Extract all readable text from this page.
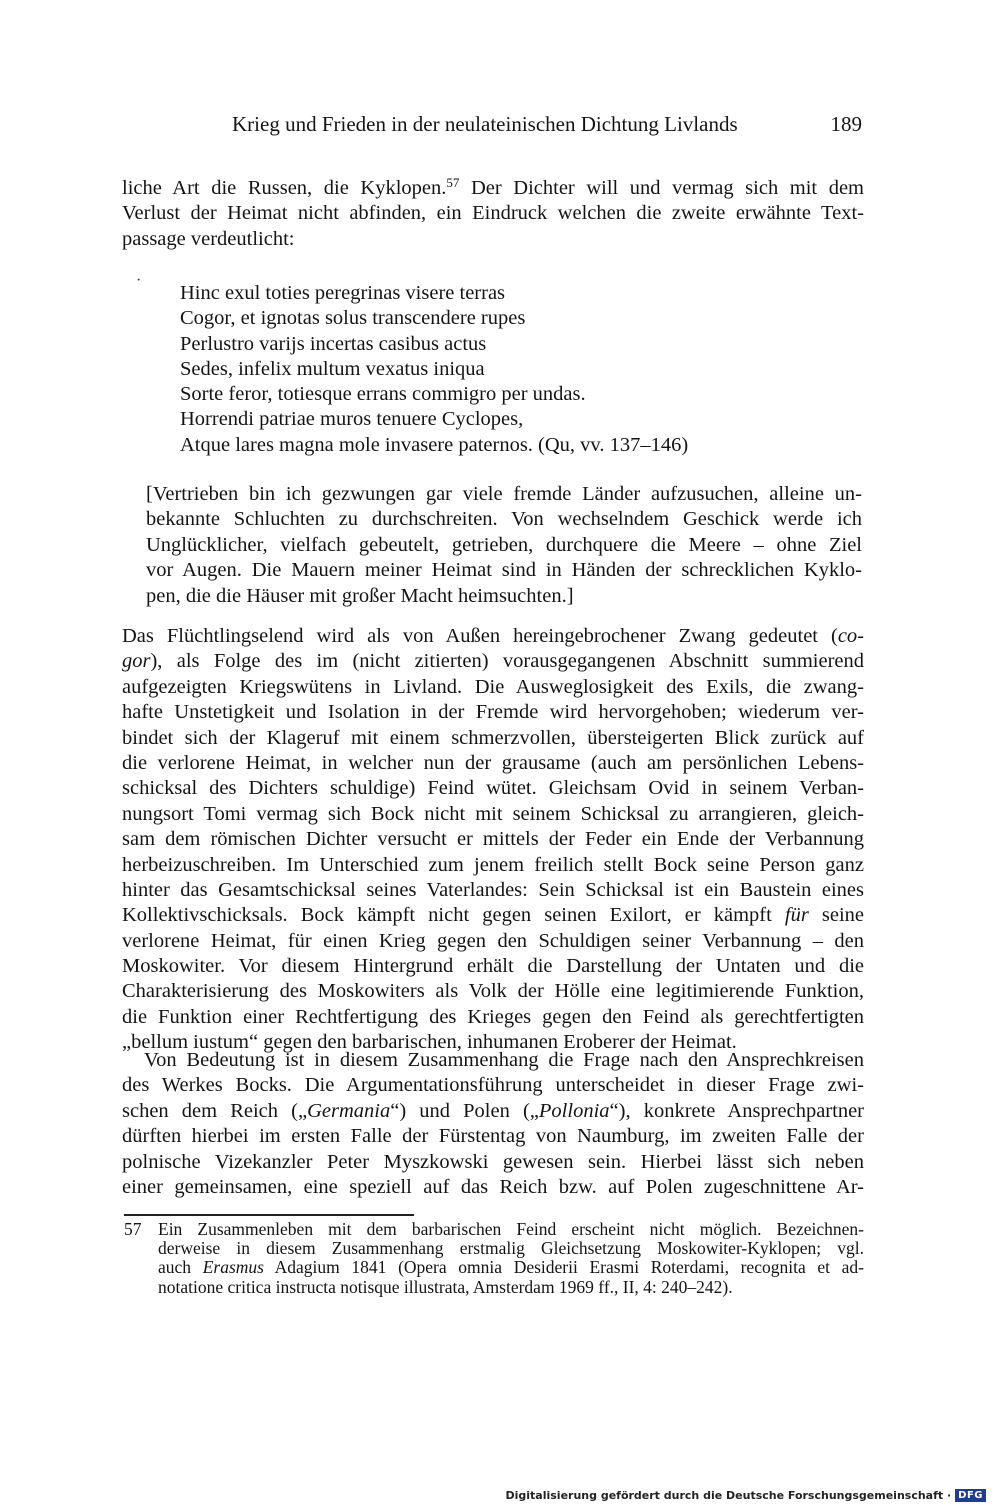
Krieg und Frieden in der neulateinischen Dichtung Livlands	189
liche Art die Russen, die Kyklopen.$^{57}$ Der Dichter will und vermag sich mit dem
Verlust der Heimat nicht abfinden, ein Eindruck welchen die zweite erwähnte Text-
passage verdeutlicht:
·
Hinc exul toties peregrinas visere terras
Cogor, et ignotas solus transcendere rupes
Perlustro varijs incertas casibus actus
Sedes, infelix multum vexatus iniqua
Sorte feror, totiesque errans commigro per undas.
Horrendi patriae muros tenuere Cyclopes,
Atque lares magna mole invasere paternos. (Qu, vv. 137–146)
[Vertrieben bin ich gezwungen gar viele fremde Länder aufzusuchen, alleine un-
bekannte Schluchten zu durchschreiten. Von wechselndem Geschick werde ich
Unglücklicher, vielfach gebeutelt, getrieben, durchquere die Meere – ohne Ziel
vor Augen. Die Mauern meiner Heimat sind in Händen der schrecklichen Kyklo-
pen, die die Häuser mit großer Macht heimsuchten.]
Das Flüchtlingselend wird als von Außen hereingebrochener Zwang gedeutet (co-
gor), als Folge des im (nicht zitierten) vorausgegangenen Abschnitt summierend
aufgezeigten Kriegswütens in Livland. Die Ausweglosigkeit des Exils, die zwang-
hafte Unstetigkeit und Isolation in der Fremde wird hervorgehoben; wiederum ver-
bindet sich der Klageruf mit einem schmerzvollen, übersteigerten Blick zurück auf
die verlorene Heimat, in welcher nun der grausame (auch am persönlichen Lebens-
schicksal des Dichters schuldige) Feind wütet. Gleichsam Ovid in seinem Verban-
nungsort Tomi vermag sich Bock nicht mit seinem Schicksal zu arrangieren, gleich-
sam dem römischen Dichter versucht er mittels der Feder ein Ende der Verbannung
herbeizuschreiben. Im Unterschied zum jenem freilich stellt Bock seine Person ganz
hinter das Gesamtschicksal seines Vaterlandes: Sein Schicksal ist ein Baustein eines
Kollektivschicksals. Bock kämpft nicht gegen seinen Exilort, er kämpft für seine
verlorene Heimat, für einen Krieg gegen den Schuldigen seiner Verbannung – den
Moskowiter. Vor diesem Hintergrund erhält die Darstellung der Untaten und die
Charakterisierung des Moskowiters als Volk der Hölle eine legitimierende Funktion,
die Funktion einer Rechtfertigung des Krieges gegen den Feind als gerechtfertigten
„bellum iustum“ gegen den barbarischen, inhumanen Eroberer der Heimat.
Von Bedeutung ist in diesem Zusammenhang die Frage nach den Ansprechkreisen
des Werkes Bocks. Die Argumentationsführung unterscheidet in dieser Frage zwi-
schen dem Reich („Germania“) und Polen („Pollonia“), konkrete Ansprechpartner
dürften hierbei im ersten Falle der Fürstentag von Naumburg, im zweiten Falle der
polnische Vizekanzler Peter Myszkowski gewesen sein. Hierbei lässt sich neben
einer gemeinsamen, eine speziell auf das Reich bzw. auf Polen zugeschnittene Ar-
57 Ein Zusammenleben mit dem barbarischen Feind erscheint nicht möglich. Bezeichnen-
derweise in diesem Zusammenhang erstmalig Gleichsetzung Moskowiter-Kyklopen; vgl.
auch Erasmus Adagium 1841 (Opera omnia Desiderii Erasmi Roterdami, recognita et ad-
notatione critica instructa notisque illustrata, Amsterdam 1969 ff., II, 4: 240–242).
Digitalisierung gefördert durch die Deutsche Forschungsgemeinschaft · DFG
